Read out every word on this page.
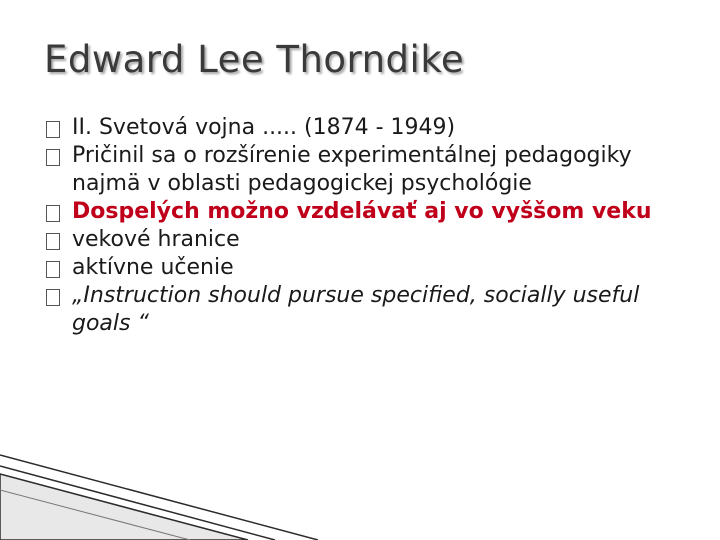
Edward Lee Thorndike
II. Svetová vojna ..... (1874 - 1949)
Pričinil sa o rozšírenie experimentálnej pedagogiky najmä v oblasti pedagogickej psychológie
Dospelých možno vzdelávať aj vo vyššom veku
vekové hranice
aktívne učenie
„Instruction should pursue specified, socially useful goals “
